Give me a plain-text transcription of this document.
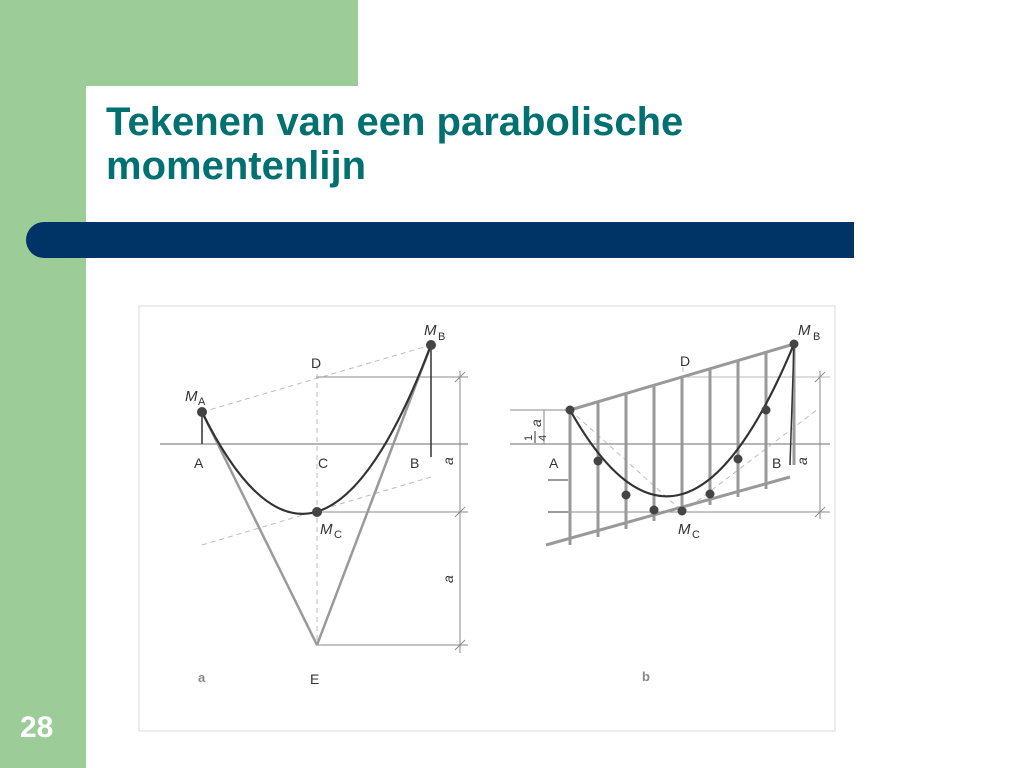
Tekenen van een parabolische momentenlijn
28
M A
M B
M C
D
A	C	B
E
a
a
a
M B
M C
D
A	B a
1 4
a
b
